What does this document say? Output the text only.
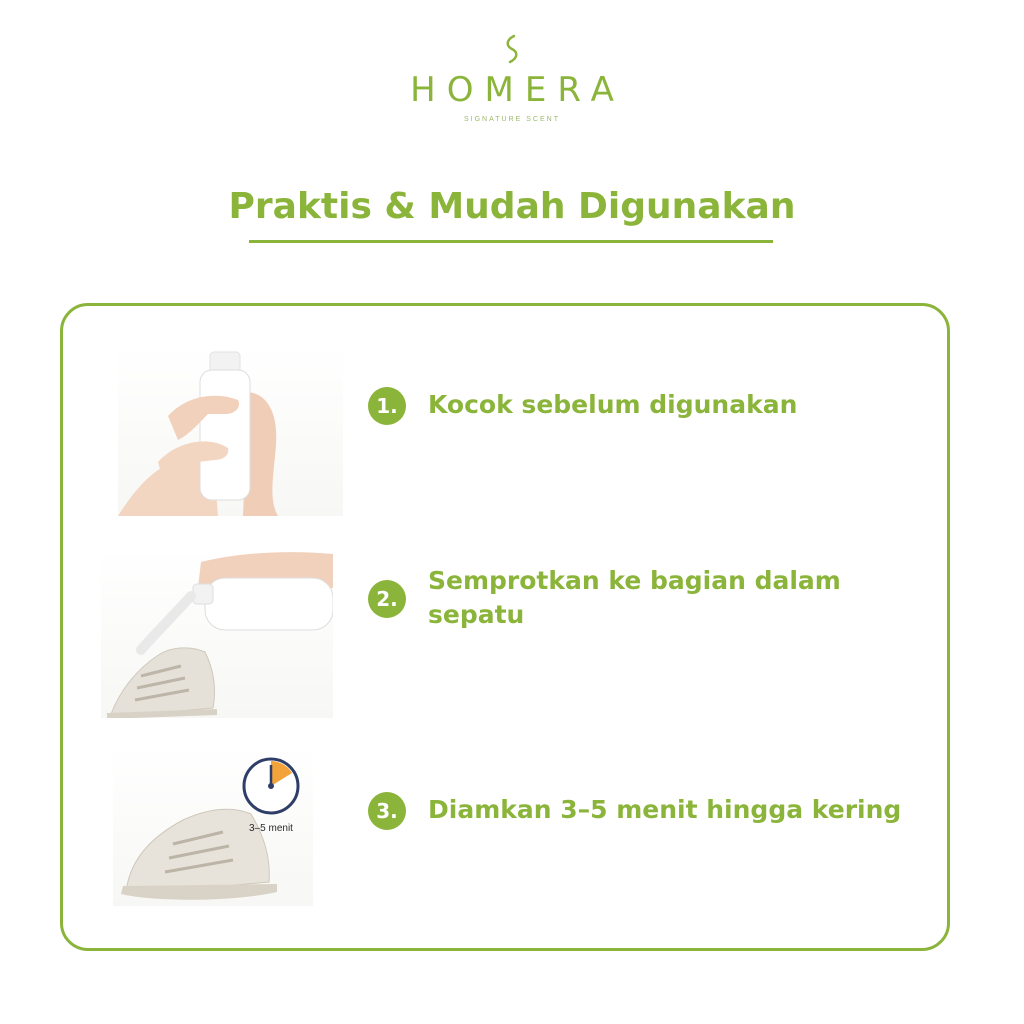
HOMERA
SIGNATURE SCENT
Praktis & Mudah Digunakan
1.	Kocok sebelum digunakan

2.

Semprotkan ke bagian dalam sepatu

3–5 menit
3.	Diamkan 3–5 menit hingga kering
